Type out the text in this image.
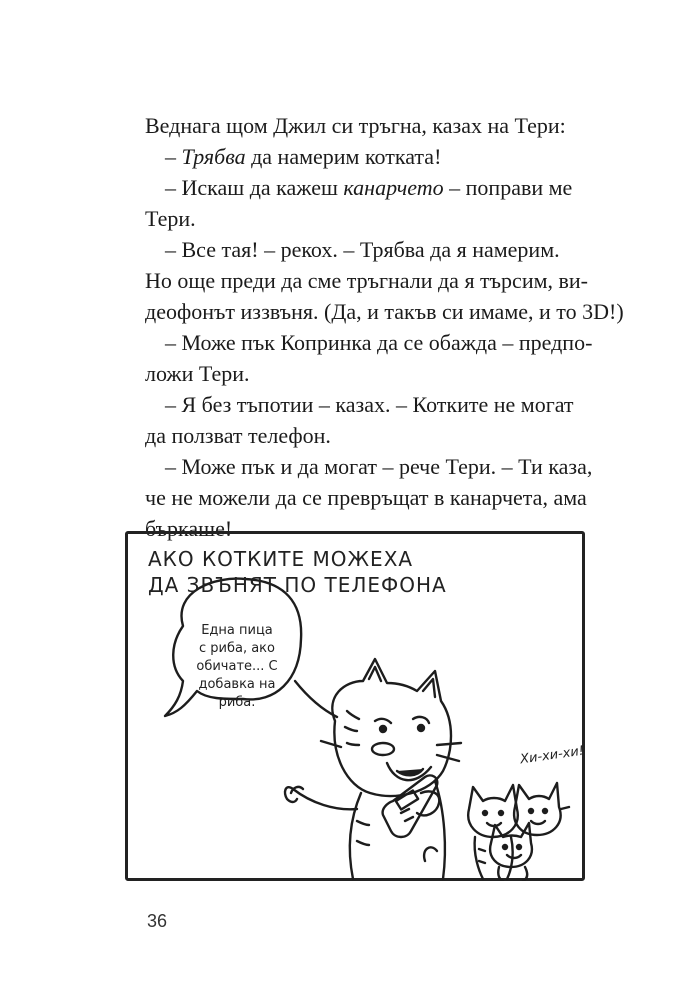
Веднага щом Джил си тръгна, казах на Тери:
– Трябва да намерим котката!
– Искаш да кажеш канарчето – поправи ме
Тери.
– Все тая! – рекох. – Трябва да я намерим.
Но още преди да сме тръгнали да я търсим, ви-
деофонът иззвъня. (Да, и такъв си имаме, и то 3D!)
– Може пък Копринка да се обажда – предпо-
ложи Тери.
– Я без тъпотии – казах. – Котките не могат
да ползват телефон.
– Може пък и да могат – рече Тери. – Ти каза,
че не можели да се превръщат в канарчета, ама
бъркаше!
АКО КОТКИТЕ МОЖЕХА
ДА ЗВЪНЯТ ПО ТЕЛЕФОНА
Една пица
с риба, ако
обичате... С
добавка на
риба.
Хи-хи-хи!
36
